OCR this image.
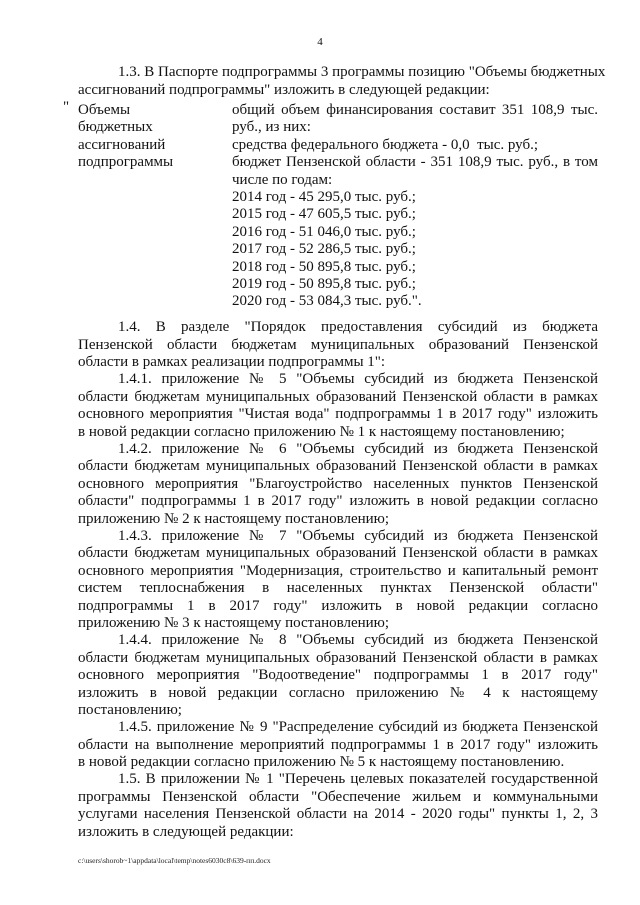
4
1.3. В Паспорте подпрограммы 3 программы позицию "Объемы бюджетных
ассигнований подпрограммы" изложить в следующей редакции:
" Объемы
бюджетных
ассигнований
подпрограммы
общий объем финансирования составит 351 108,9 тыс.
руб., из них:
средства федерального бюджета - 0,0  тыс. руб.;
бюджет Пензенской области - 351 108,9 тыс. руб., в том
числе по годам:
2014 год - 45 295,0 тыс. руб.;
2015 год - 47 605,5 тыс. руб.;
2016 год - 51 046,0 тыс. руб.;
2017 год - 52 286,5 тыс. руб.;
2018 год - 50 895,8 тыс. руб.;
2019 год - 50 895,8 тыс. руб.;
2020 год - 53 084,3 тыс. руб.".
1.4. В разделе "Порядок предоставления субсидий из бюджета
Пензенской области бюджетам муниципальных образований Пензенской
области в рамках реализации подпрограммы 1":
1.4.1. приложение № 5 "Объемы субсидий из бюджета Пензенской
области бюджетам муниципальных образований Пензенской области в рамках
основного мероприятия "Чистая вода" подпрограммы 1 в 2017 году" изложить
в новой редакции согласно приложению № 1 к настоящему постановлению;
1.4.2. приложение № 6 "Объемы субсидий из бюджета Пензенской
области бюджетам муниципальных образований Пензенской области в рамках
основного мероприятия "Благоустройство населенных пунктов Пензенской
области" подпрограммы 1 в 2017 году" изложить в новой редакции согласно
приложению № 2 к настоящему постановлению;
1.4.3. приложение № 7 "Объемы субсидий из бюджета Пензенской
области бюджетам муниципальных образований Пензенской области в рамках
основного мероприятия "Модернизация, строительство и капитальный ремонт
систем теплоснабжения в населенных пунктах Пензенской области"
подпрограммы 1 в 2017 году" изложить в новой редакции согласно
приложению № 3 к настоящему постановлению;
1.4.4. приложение № 8 "Объемы субсидий из бюджета Пензенской
области бюджетам муниципальных образований Пензенской области в рамках
основного мероприятия "Водоотведение" подпрограммы 1 в 2017 году"
изложить в новой редакции согласно приложению № 4 к настоящему
постановлению;
1.4.5. приложение № 9 "Распределение субсидий из бюджета Пензенской
области на выполнение мероприятий подпрограммы 1 в 2017 году" изложить
в новой редакции согласно приложению № 5 к настоящему постановлению.
1.5. В приложении № 1 "Перечень целевых показателей государственной
программы Пензенской области "Обеспечение жильем и коммунальными
услугами населения Пензенской области на 2014 - 2020 годы" пункты 1, 2, 3
изложить в следующей редакции:
c:\users\shorob~1\appdata\local\temp\notes6030c8\639-пп.docx
